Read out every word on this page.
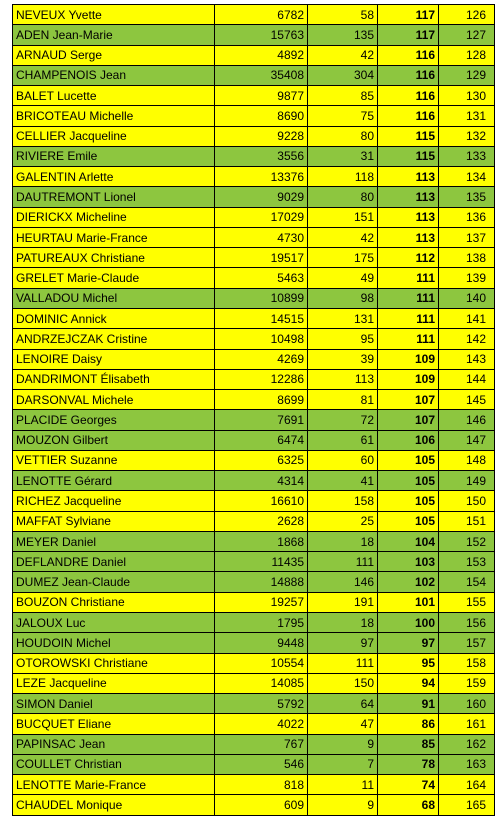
NEVEUX Yvette	6782	58	117	126
ADEN Jean-Marie	15763	135	117	127
ARNAUD Serge	4892	42	116	128
CHAMPENOIS Jean	35408	304	116	129
BALET Lucette	9877	85	116	130
BRICOTEAU Michelle	8690	75	116	131
CELLIER Jacqueline	9228	80	115	132
RIVIERE Emile	3556	31	115	133
GALENTIN Arlette	13376	118	113	134
DAUTREMONT Lionel	9029	80	113	135
DIERICKX Micheline	17029	151	113	136
HEURTAU Marie-France	4730	42	113	137
PATUREAUX Christiane	19517	175	112	138
GRELET Marie-Claude	5463	49	111	139
VALLADOU Michel	10899	98	111	140
DOMINIC Annick	14515	131	111	141
ANDRZEJCZAK Cristine	10498	95	111	142
LENOIRE Daisy	4269	39	109	143
DANDRIMONT Élisabeth	12286	113	109	144
DARSONVAL Michele	8699	81	107	145
PLACIDE Georges	7691	72	107	146
MOUZON Gilbert	6474	61	106	147
VETTIER Suzanne	6325	60	105	148
LENOTTE Gérard	4314	41	105	149
RICHEZ Jacqueline	16610	158	105	150
MAFFAT Sylviane	2628	25	105	151
MEYER Daniel	1868	18	104	152
DEFLANDRE Daniel	11435	111	103	153
DUMEZ Jean-Claude	14888	146	102	154
BOUZON Christiane	19257	191	101	155
JALOUX Luc	1795	18	100	156
HOUDOIN Michel	9448	97	97	157
OTOROWSKI Christiane	10554	111	95	158
LEZE Jacqueline	14085	150	94	159
SIMON Daniel	5792	64	91	160
BUCQUET Eliane	4022	47	86	161
PAPINSAC Jean	767	9	85	162
COULLET Christian	546	7	78	163
LENOTTE Marie-France	818	11	74	164
CHAUDEL Monique	609	9	68	165
